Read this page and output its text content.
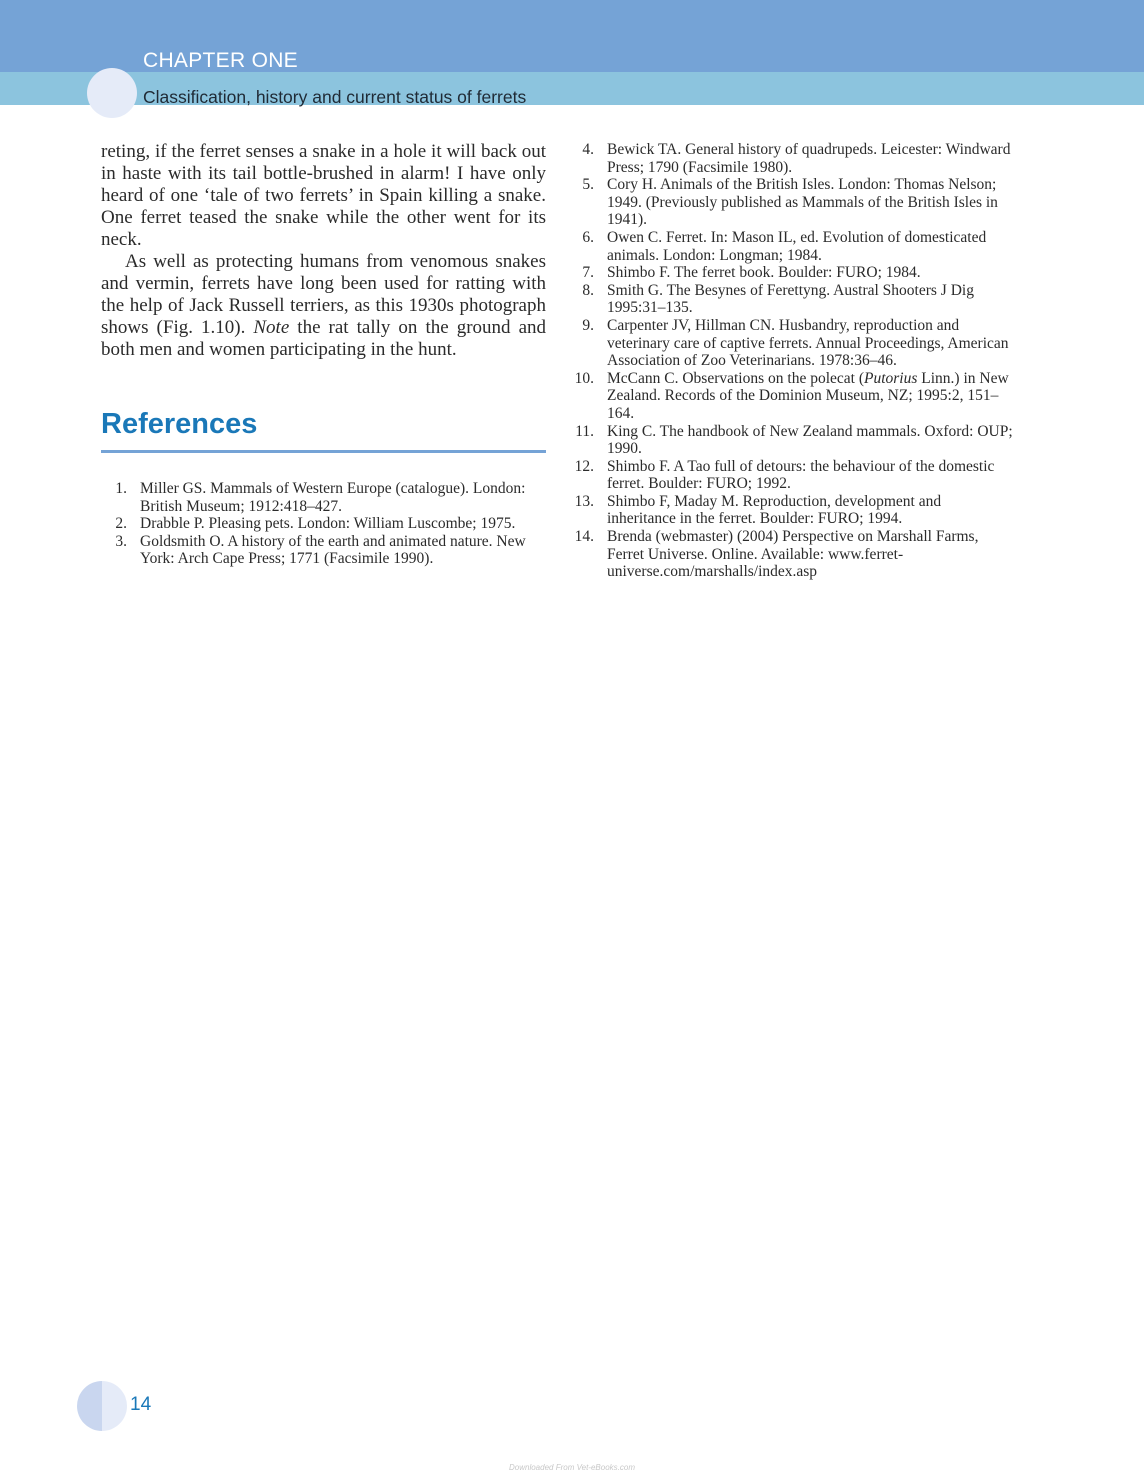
CHAPTER ONE
Classification, history and current status of ferrets

reting, if the ferret senses a snake in a hole it will back out in haste with its tail bottle-brushed in alarm! I have only heard of one ‘tale of two ferrets’ in Spain killing a snake. One ferret teased the snake while the other went for its neck.

As well as protecting humans from venomous snakes and vermin, ferrets have long been used for ratting with the help of Jack Russell terriers, as this 1930s photograph shows (Fig. 1.10). Note the rat tally on the ground and both men and women participating in the hunt.

References
1. Miller GS. Mammals of Western Europe (catalogue). London: British Museum; 1912:418–427.
2. Drabble P. Pleasing pets. London: William Luscombe; 1975.
3. Goldsmith O. A history of the earth and animated nature. New York: Arch Cape Press; 1771 (Facsimile 1990).
4. Bewick TA. General history of quadrupeds. Leicester: Windward Press; 1790 (Facsimile 1980).
5. Cory H. Animals of the British Isles. London: Thomas Nelson; 1949. (Previously published as Mammals of the British Isles in 1941).
6. Owen C. Ferret. In: Mason IL, ed. Evolution of domesticated animals. London: Longman; 1984.
7. Shimbo F. The ferret book. Boulder: FURO; 1984.
8. Smith G. The Besynes of Ferettyng. Austral Shooters J Dig 1995:31–135.
9. Carpenter JV, Hillman CN. Husbandry, reproduction and veterinary care of captive ferrets. Annual Proceedings, American Association of Zoo Veterinarians. 1978:36–46.
10. McCann C. Observations on the polecat (Putorius Linn.) in New Zealand. Records of the Dominion Museum, NZ; 1995:2, 151–164.
11. King C. The handbook of New Zealand mammals. Oxford: OUP; 1990.
12. Shimbo F. A Tao full of detours: the behaviour of the domestic ferret. Boulder: FURO; 1992.
13. Shimbo F, Maday M. Reproduction, development and inheritance in the ferret. Boulder: FURO; 1994.
14. Brenda (webmaster) (2004) Perspective on Marshall Farms, Ferret Universe. Online. Available: www.ferret-universe.com/marshalls/index.asp
14
Downloaded From Vet-eBooks.com
